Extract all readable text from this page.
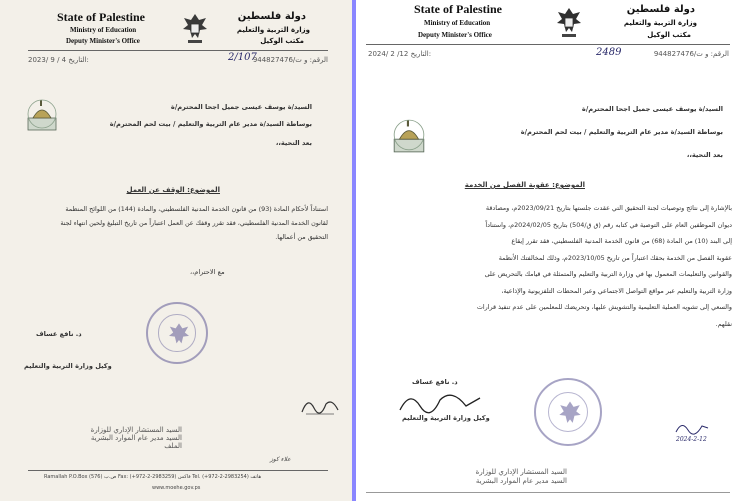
State of Palestine
Ministry of Education
Deputy Minister's Office
دولة فلسطين
وزارة التربية والتعليم
مكتب الوكيل
2023/ 9 / 4 التاريخ:	2/107	الرقم: و ت/944827476
السيد/ة يوسف عيسى جميل اجحا المحترم/ة
بوساطة السيد/ة مدير عام التربية والتعليم / بيت لحم المحترم/ة
بعد التحية،،
الموضوع: الوقف عن العمل
استناداً لأحكام المادة (93) من قانون الخدمة المدنية الفلسطيني، والمادة (144) من اللوائح المنظمة
لقانون الخدمة المدنية الفلسطيني، فقد تقرر وقفك عن العمل اعتباراً من تاريخ التبليغ ولحين انتهاء لجنة
التحقيق من أعمالها.
مع الاحترام،،
د. نافع عساف
وكيل وزارة التربية والتعليم
السيد المستشار الإداري للوزارة
السيد مدير عام الموارد البشرية
الملف
علاء كوز
Ramallah P.O.Box (576) ص.ب Fax: (+972-2-2983259) فاكس Tel. (+972-2-2983254) هاتف
www.moehe.gov.ps
State of Palestine
Ministry of Education
Deputy Minister's Office
دولة فلسطين
وزارة التربية والتعليم
مكتب الوكيل
2024/ 2 /12 التاريخ:	2489	الرقم: و ت/944827476
السيد/ة يوسف عيسى جميل اجحا المحترم/ة
بوساطة السيد/ة مدير عام التربية والتعليم / بيت لحم المحترم/ة
بعد التحية،،
الموضوع: عقوبة الفصل من الخدمة
بالإشارة إلى نتائج وتوصيات لجنة التحقيق التي عقدت جلستها بتاريخ 2023/09/21م، ومصادقة
ديوان الموظفين العام على التوصية في كتابه رقم (ق ق/504) بتاريخ 2024/02/05م، واستناداً
إلى البند (10) من المادة (68) من قانون الخدمة المدنية الفلسطيني، فقد تقرر إيقاع
عقوبة الفصل من الخدمة بحقك اعتباراً من تاريخ 2023/10/05م، وذلك لمخالفتك الأنظمة
والقوانين والتعليمات المعمول بها في وزارة التربية والتعليم والمتمثلة في قيامك بالتحريض على
وزارة التربية والتعليم عبر مواقع التواصل الاجتماعي وعبر المحطات التلفزيونية والإذاعية،
والسعي إلى تشويه العملية التعليمية والتشويش عليها، وتحريضك للمعلمين على عدم تنفيذ قرارات
نقلهم.
د. نافع عساف
وكيل وزارة التربية والتعليم
2024-2-12
السيد المستشار الإداري للوزارة
السيد مدير عام الموارد البشرية
